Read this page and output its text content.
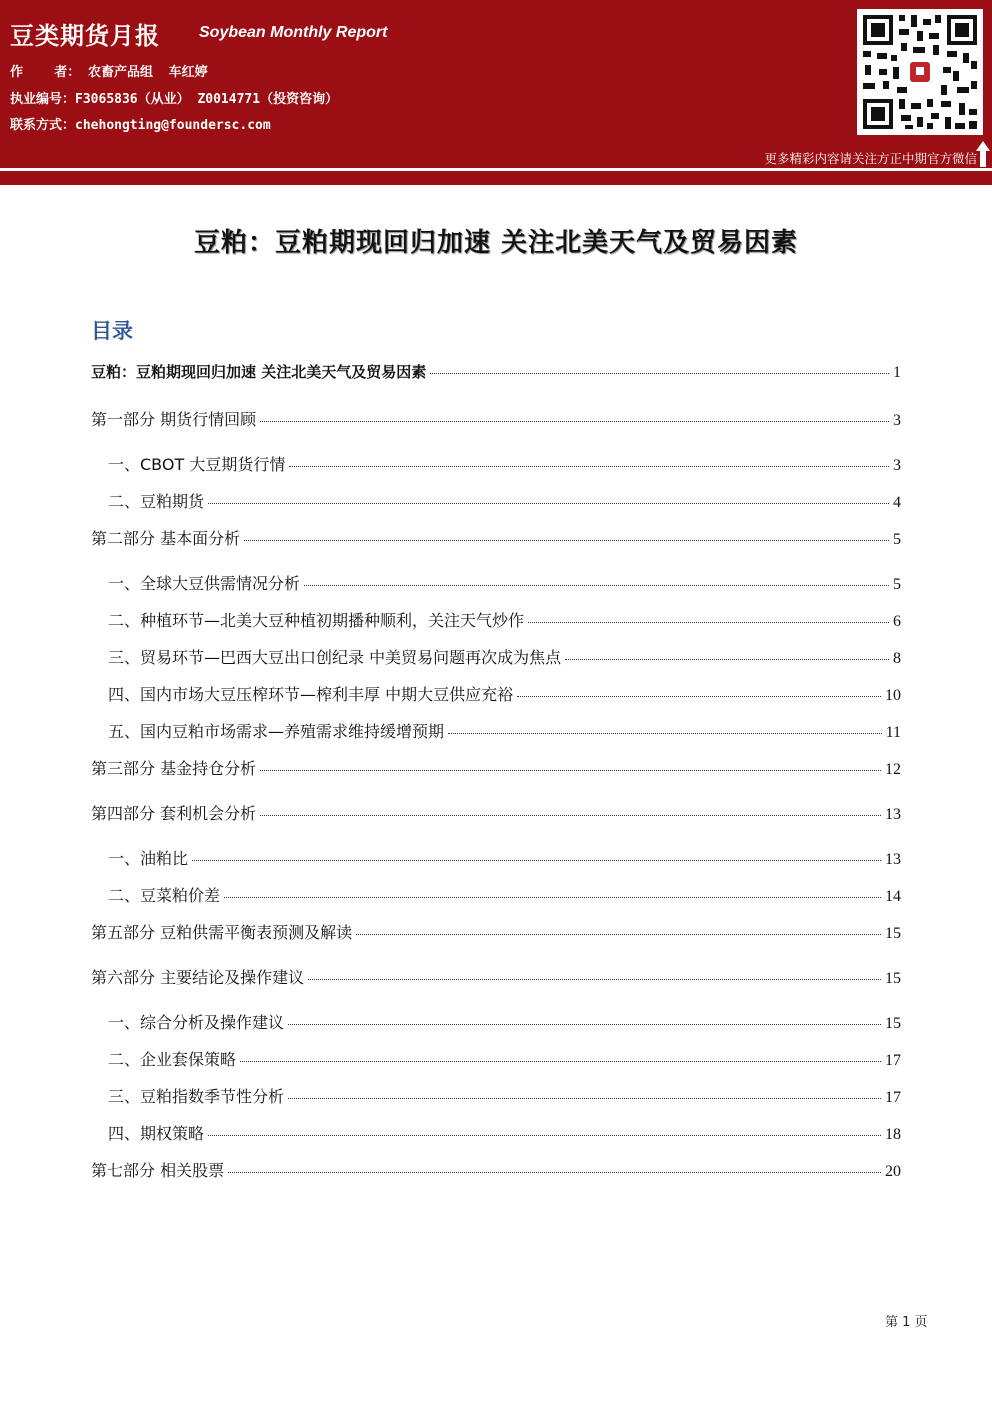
豆类期货月报 Soybean Monthly Report
作    者： 农畜产品组  车红婷
执业编号：F3065836（从业） Z0014771（投资咨询）
联系方式：chehongting@foundersc.com
更多精彩内容请关注方正中期官方微信
豆粕：豆粕期现回归加速 关注北美天气及贸易因素
目录
豆粕：豆粕期现回归加速 关注北美天气及贸易因素	1
第一部分 期货行情回顾	3
一、CBOT 大豆期货行情	3
二、豆粕期货	4
第二部分 基本面分析	5
一、全球大豆供需情况分析	5
二、种植环节—北美大豆种植初期播种顺利，关注天气炒作	6
三、贸易环节—巴西大豆出口创纪录 中美贸易问题再次成为焦点	8
四、国内市场大豆压榨环节—榨利丰厚 中期大豆供应充裕	10
五、国内豆粕市场需求—养殖需求维持缓增预期	11
第三部分 基金持仓分析	12
第四部分 套利机会分析	13
一、油粕比	13
二、豆菜粕价差	14
第五部分 豆粕供需平衡表预测及解读	15
第六部分 主要结论及操作建议	15
一、综合分析及操作建议	15
二、企业套保策略	17
三、豆粕指数季节性分析	17
四、期权策略	18
第七部分 相关股票	20
第 1 页
